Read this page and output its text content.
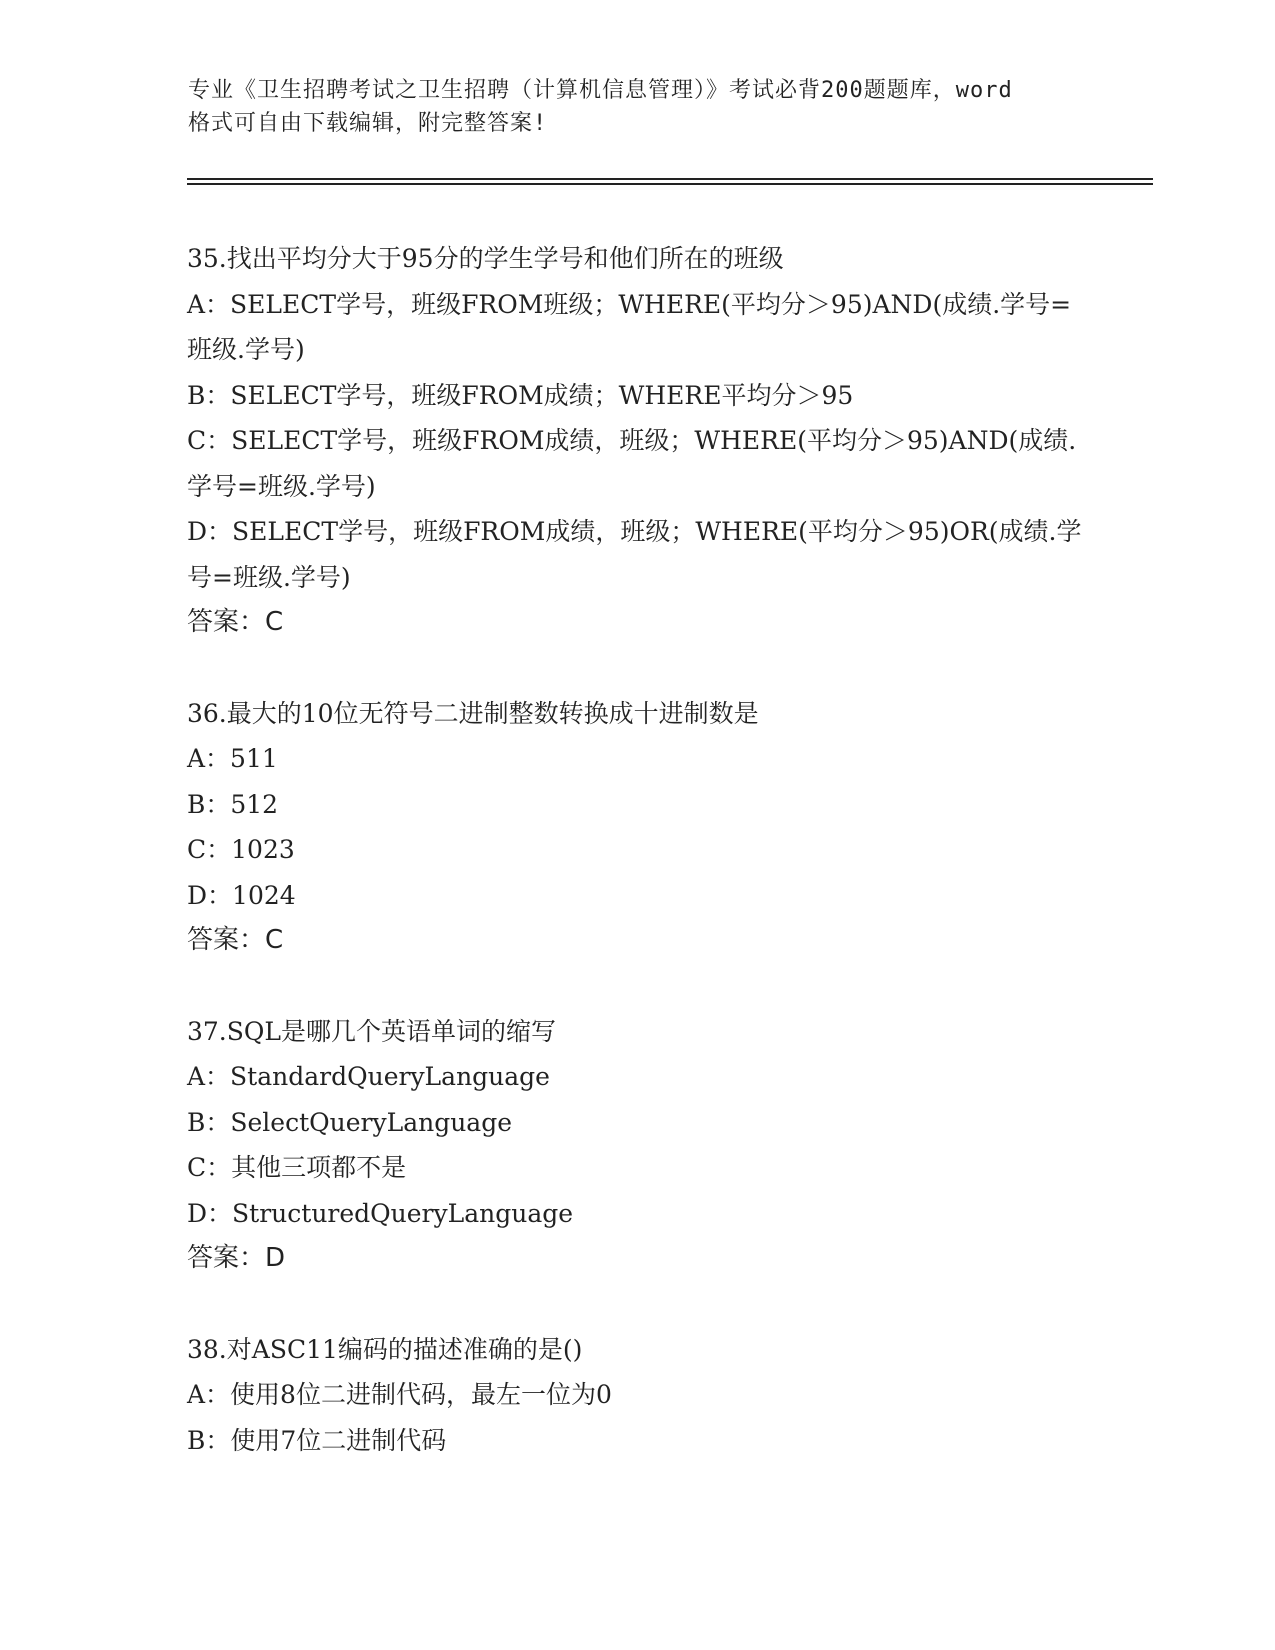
专业《卫生招聘考试之卫生招聘（计算机信息管理）》考试必背200题题库，word
格式可自由下载编辑，附完整答案!
35.找出平均分大于95分的学生学号和他们所在的班级
A：SELECT学号，班级FROM班级；WHERE(平均分＞95)AND(成绩.学号=班级.学号)
B：SELECT学号，班级FROM成绩；WHERE平均分＞95
C：SELECT学号，班级FROM成绩，班级；WHERE(平均分＞95)AND(成绩.学号=班级.学号)
D：SELECT学号，班级FROM成绩，班级；WHERE(平均分＞95)OR(成绩.学号=班级.学号)
答案：C
36.最大的10位无符号二进制整数转换成十进制数是
A：511
B：512
C：1023
D：1024
答案：C
37.SQL是哪几个英语单词的缩写
A：StandardQueryLanguage
B：SelectQueryLanguage
C：其他三项都不是
D：StructuredQueryLanguage
答案：D
38.对ASC11编码的描述准确的是()
A：使用8位二进制代码，最左一位为0
B：使用7位二进制代码
